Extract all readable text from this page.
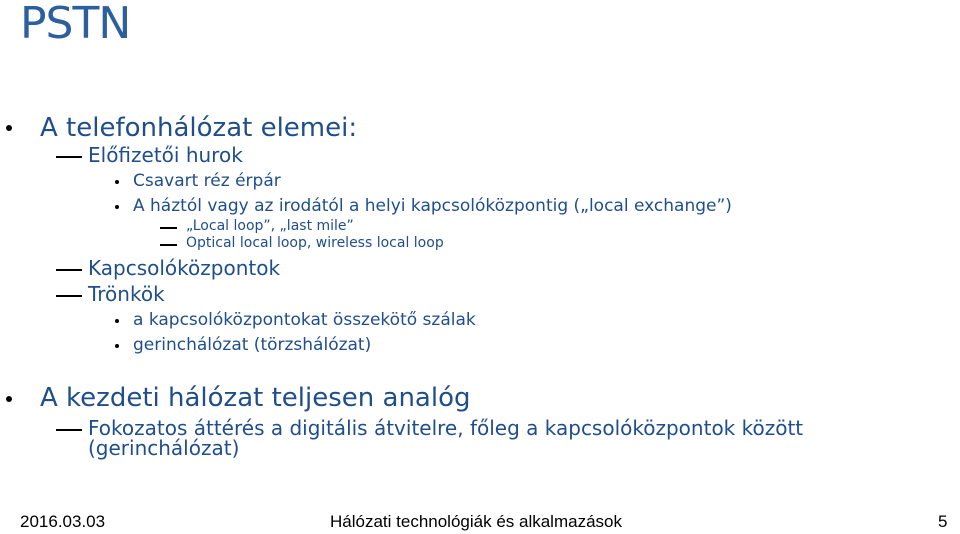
PSTN
A telefonhálózat elemei:
Előfizetői hurok
Csavart réz érpár
A háztól vagy az irodától a helyi kapcsolóközpontig („local exchange”)
„Local loop”, „last mile”
Optical local loop, wireless local loop
Kapcsolóközpontok
Trönkök
a kapcsolóközpontokat összekötő szálak
gerinchálózat (törzshálózat)
A kezdeti hálózat teljesen analóg
Fokozatos áttérés a digitális átvitelre, főleg a kapcsolóközpontok között
(gerinchálózat)
2016.03.03	Hálózati technológiák és alkalmazások	5
